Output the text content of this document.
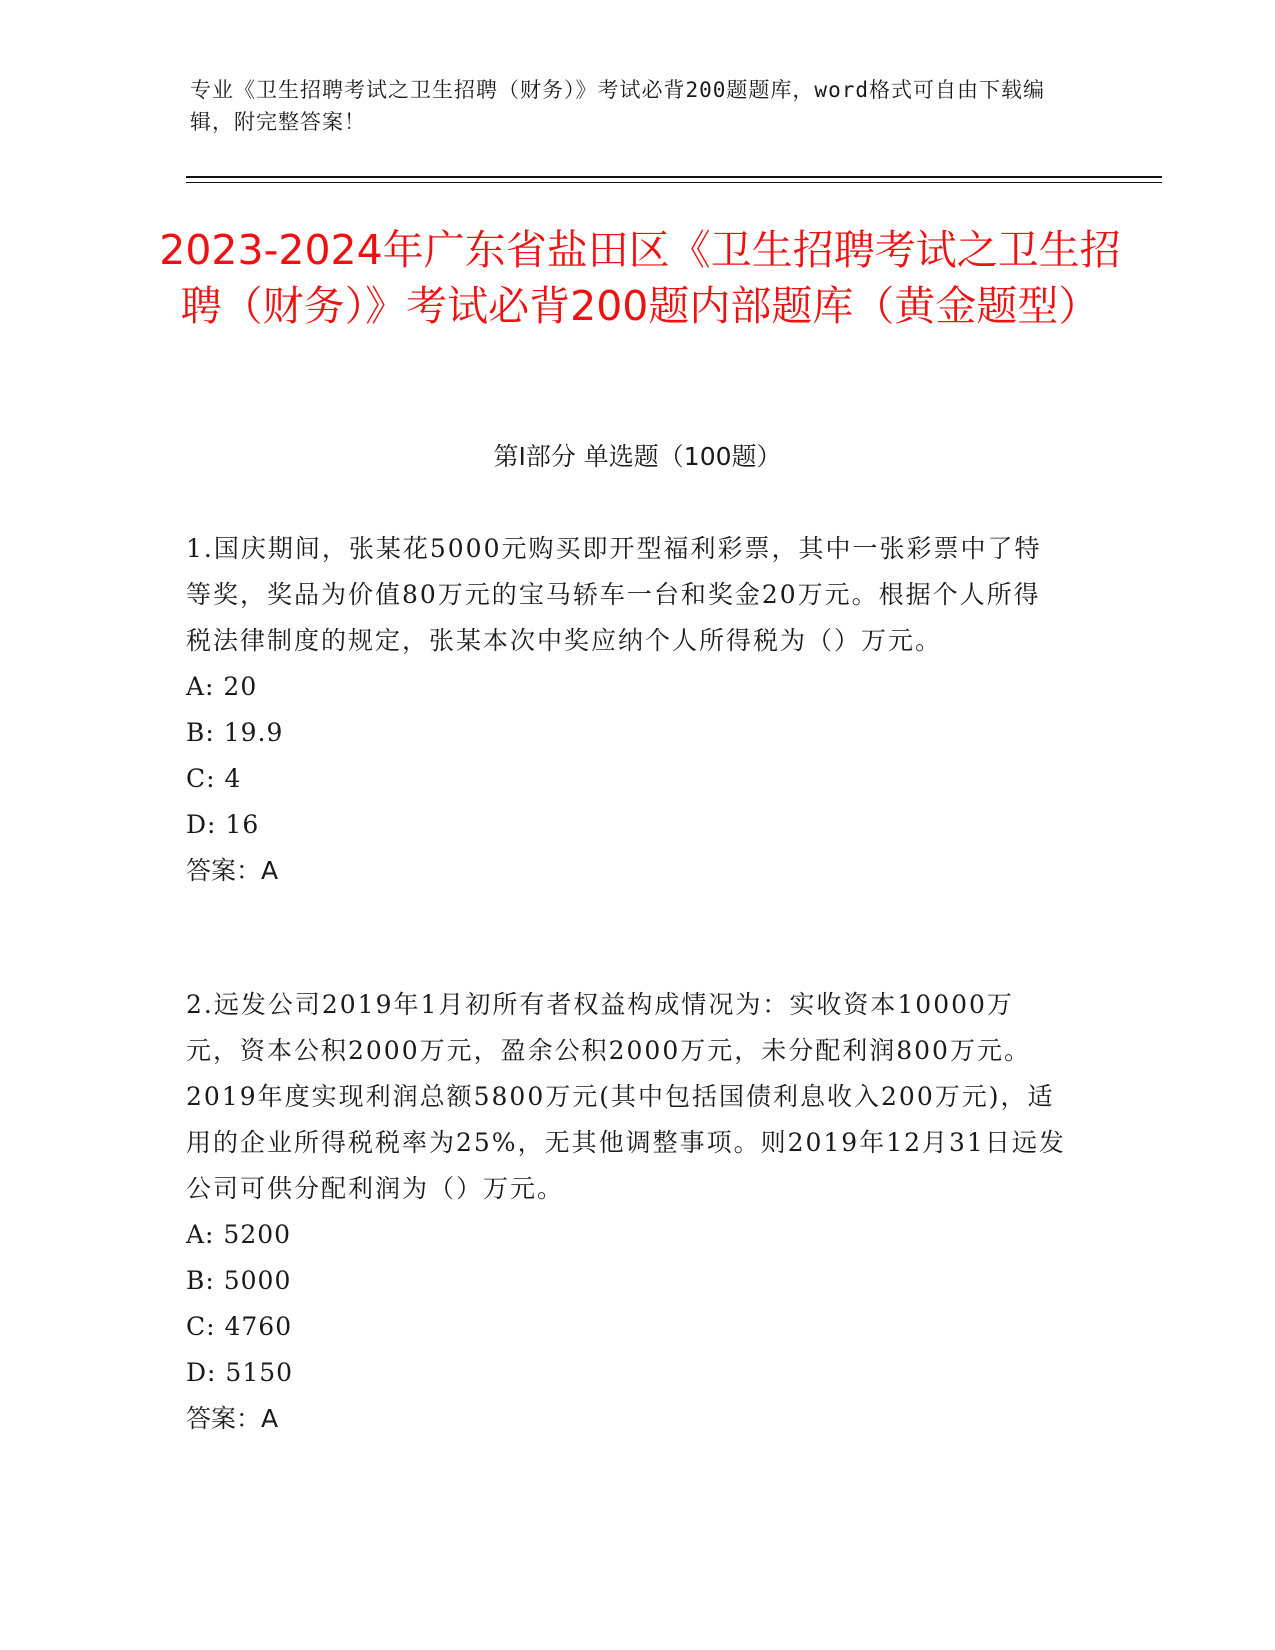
专业《卫生招聘考试之卫生招聘（财务）》考试必背200题题库，word格式可自由下载编辑，附完整答案！
2023-2024年广东省盐田区《卫生招聘考试之卫生招聘（财务）》考试必背200题内部题库（黄金题型）
第I部分 单选题（100题）

1.国庆期间，张某花5000元购买即开型福利彩票，其中一张彩票中了特等奖，奖品为价值80万元的宝马轿车一台和奖金20万元。根据个人所得税法律制度的规定，张某本次中奖应纳个人所得税为（）万元。

A: 20

B: 19.9

C: 4

D: 16

答案：A

2.远发公司2019年1月初所有者权益构成情况为：实收资本10000万元，资本公积2000万元，盈余公积2000万元，未分配利润800万元。2019年度实现利润总额5800万元(其中包括国债利息收入200万元)，适用的企业所得税税率为25%，无其他调整事项。则2019年12月31日远发公司可供分配利润为（）万元。

A: 5200

B: 5000

C: 4760

D: 5150

答案：A
